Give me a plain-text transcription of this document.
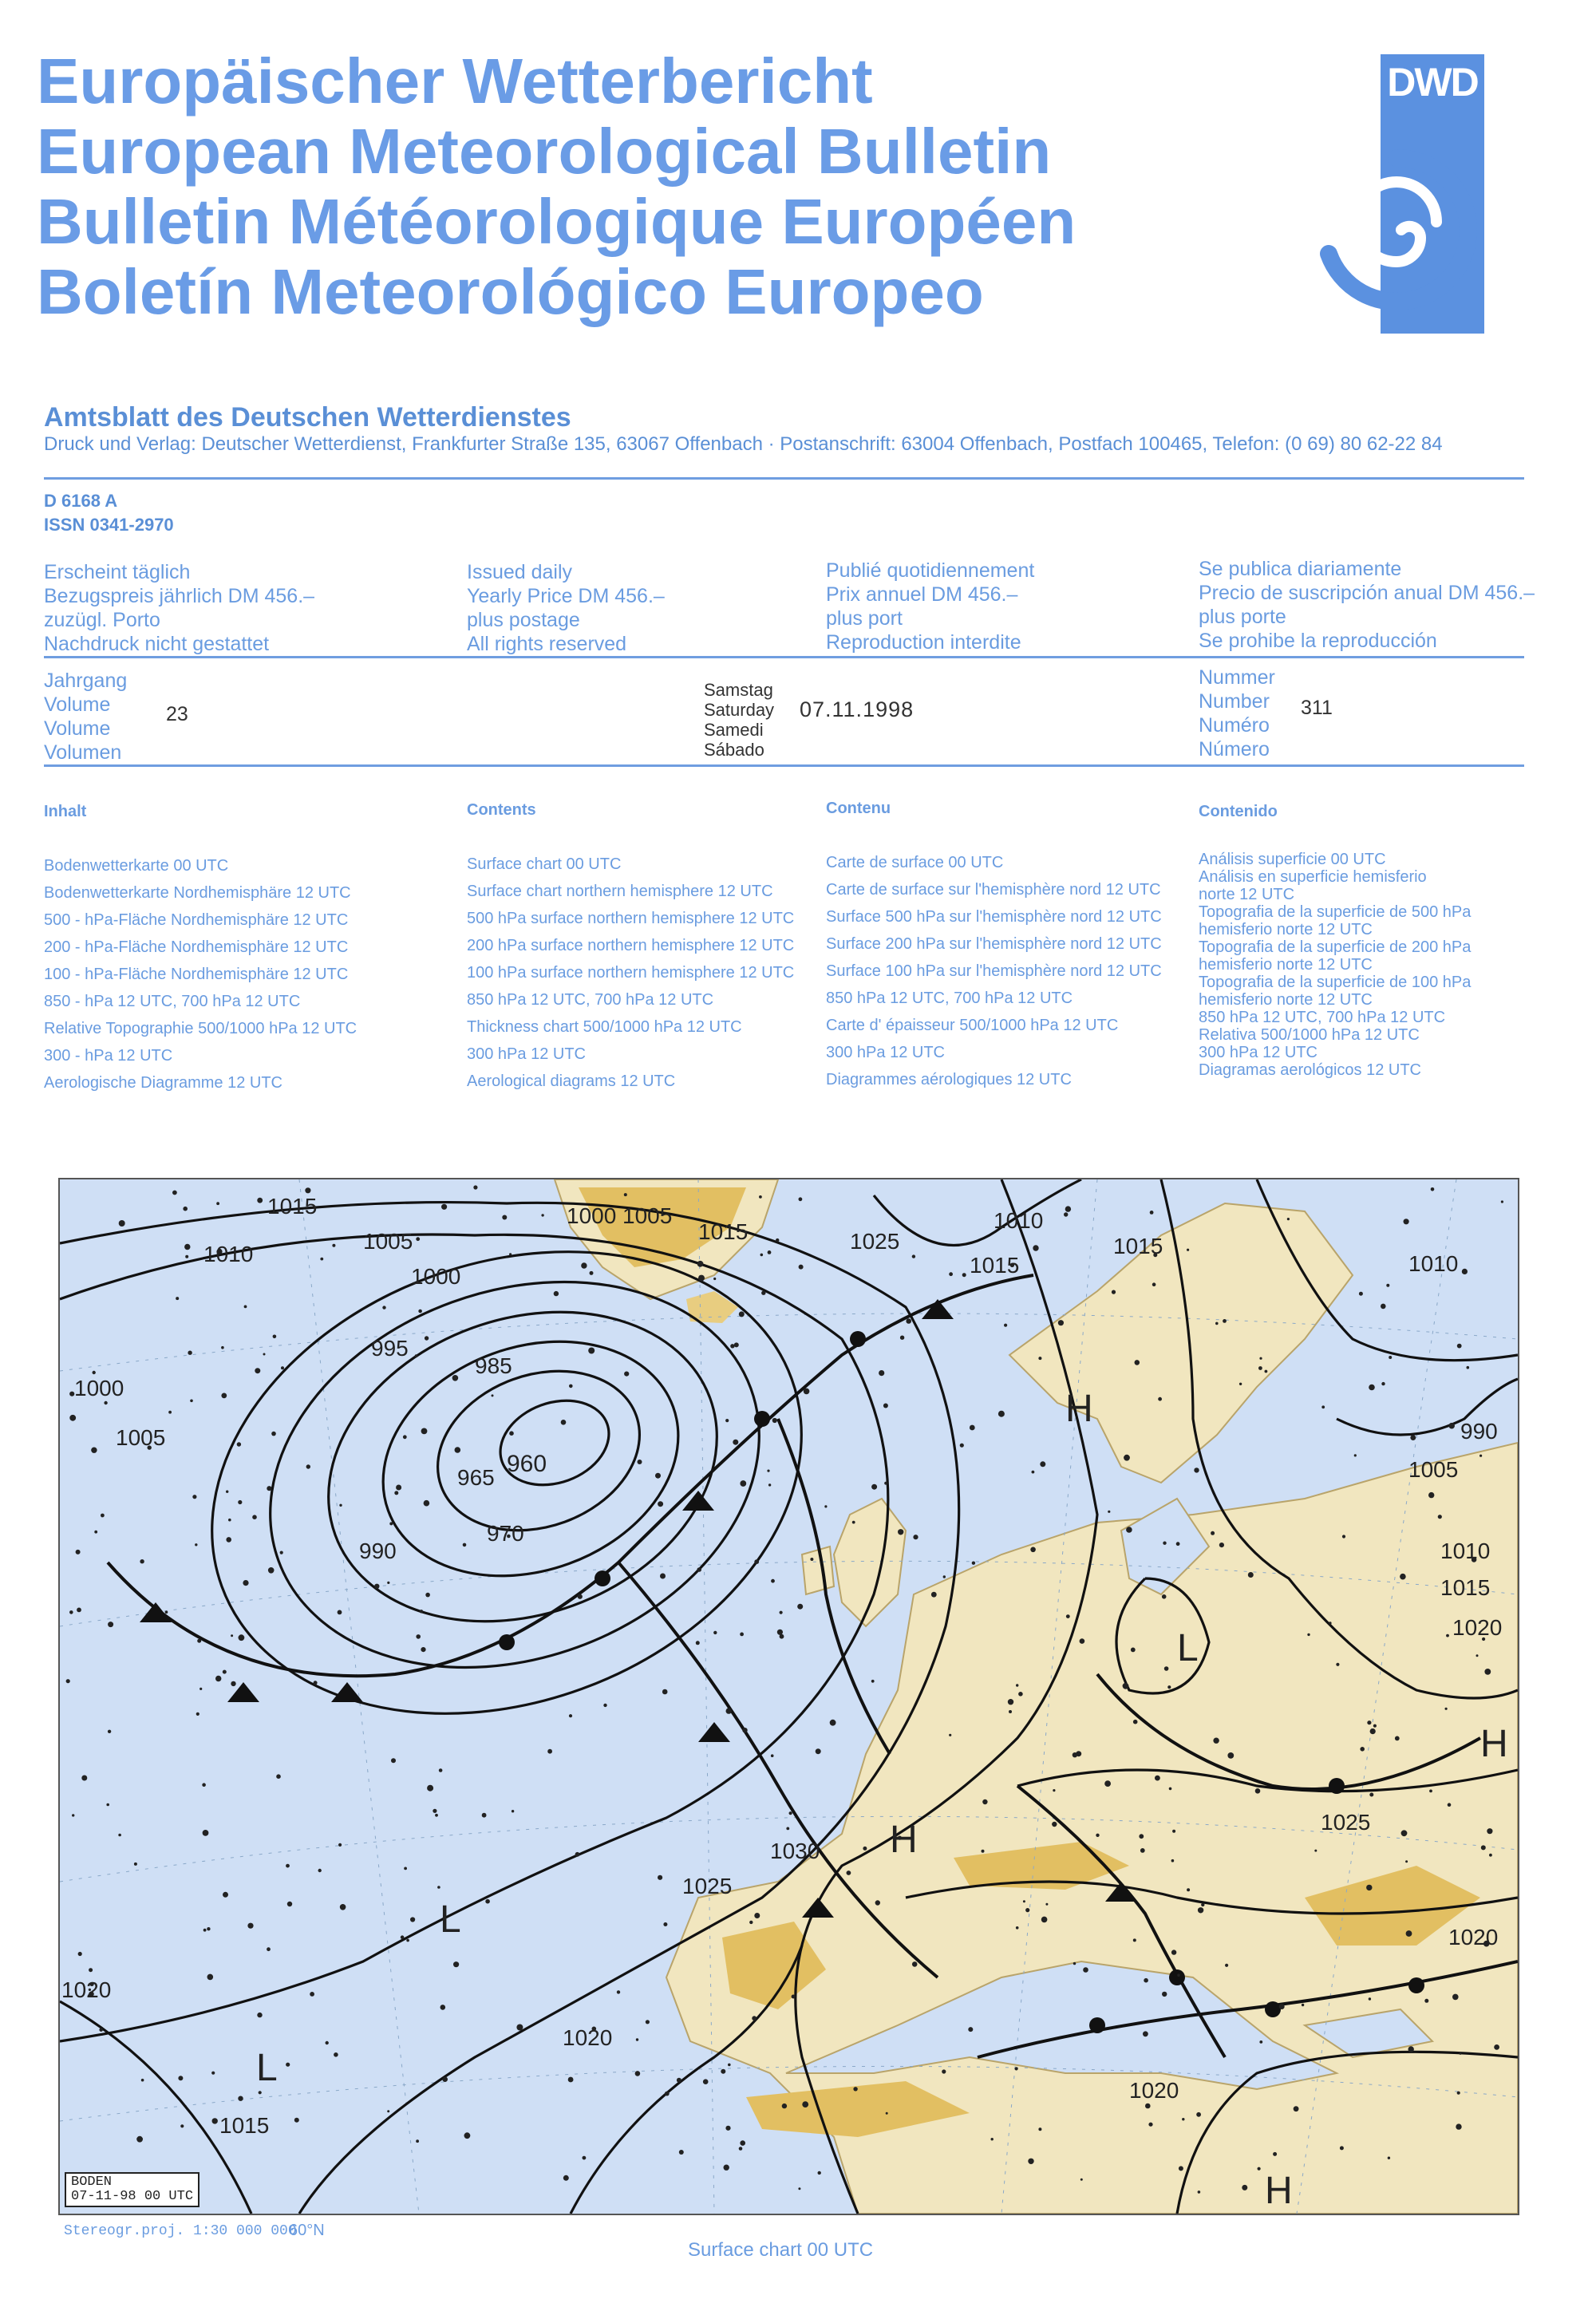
Europäischer Wetterbericht
European Meteorological Bulletin
Bulletin Météorologique Européen
Boletín Meteorológico Europeo
DWD
Amtsblatt des Deutschen Wetterdienstes
Druck und Verlag: Deutscher Wetterdienst, Frankfurter Straße 135, 63067 Offenbach · Postanschrift: 63004 Offenbach, Postfach 100465, Telefon: (0 69) 80 62-22 84
D 6168 A
ISSN 0341-2970
Erscheint täglich
Bezugspreis jährlich DM 456.–
zuzügl. Porto
Nachdruck nicht gestattet
Issued daily
Yearly Price DM 456.–
plus postage
All rights reserved
Publié quotidiennement
Prix annuel DM 456.–
plus port
Reproduction interdite
Se publica diariamente
Precio de suscripción anual DM 456.–
plus porte
Se prohibe la reproducción
Jahrgang
Volume
Volume
Volumen
23
Samstag
Saturday
Samedi
Sábado
07.11.1998
Nummer
Number
Numéro
Número
311
Inhalt
Bodenwetterkarte 00 UTC
Bodenwetterkarte Nordhemisphäre 12 UTC
500 - hPa-Fläche Nordhemisphäre 12 UTC
200 - hPa-Fläche Nordhemisphäre 12 UTC
100 - hPa-Fläche Nordhemisphäre 12 UTC
850 - hPa 12 UTC, 700 hPa 12 UTC
Relative Topographie 500/1000 hPa 12 UTC
300 - hPa 12 UTC
Aerologische Diagramme 12 UTC
Contents
Surface chart 00 UTC
Surface chart northern hemisphere 12 UTC
500 hPa surface northern hemisphere 12 UTC
200 hPa surface northern hemisphere 12 UTC
100 hPa surface northern hemisphere 12 UTC
850 hPa 12 UTC, 700 hPa 12 UTC
Thickness chart 500/1000 hPa 12 UTC
300 hPa 12 UTC
Aerological diagrams 12 UTC
Contenu
Carte de surface 00 UTC
Carte de surface sur l'hemisphère nord 12 UTC
Surface 500 hPa sur l'hemisphère nord 12 UTC
Surface 200 hPa sur l'hemisphère nord 12 UTC
Surface 100 hPa sur l'hemisphère nord 12 UTC
850 hPa 12 UTC, 700 hPa 12 UTC
Carte d' épaisseur 500/1000 hPa 12 UTC
300 hPa 12 UTC
Diagrammes aérologiques 12 UTC
Contenido
Análisis superficie 00 UTC
Análisis en superficie hemisferio
norte 12 UTC
Topografia de la superficie de 500 hPa
hemisferio norte 12 UTC
Topografia de la superficie de 200 hPa
hemisferio norte 12 UTC
Topografia de la superficie de 100 hPa
hemisferio norte 12 UTC
850 hPa 12 UTC, 700 hPa 12 UTC
Relativa 500/1000 hPa 12 UTC
300 hPa 12 UTC
Diagramas aerológicos 12 UTC
1015
1005
1000
1000 1005
1015	1025
1010
1015
1015
1010
995
985
965
960
970
990
1000
1005
1010
990
1005
1010
1015
1020
1030
1025
1025
1020
1020
1020
1015
1020
L
L
H
H
H
H
L
BODEN
07-11-98 00 UTC
Stereogr.proj. 1:30 000 000
60°N
Surface chart 00 UTC
